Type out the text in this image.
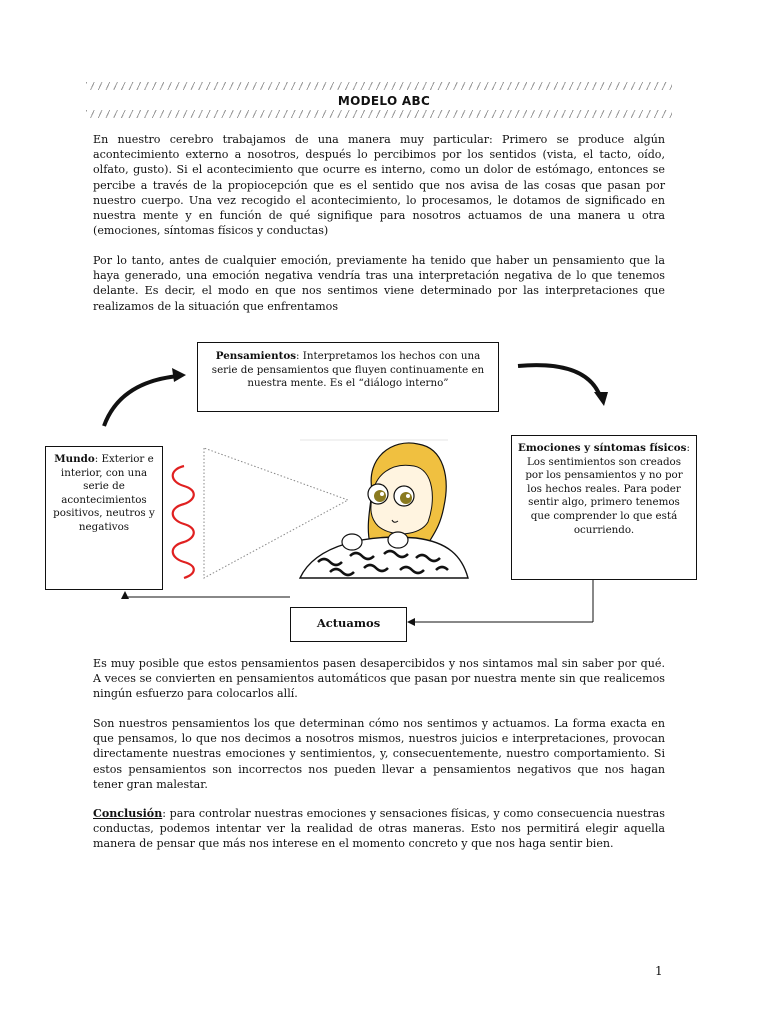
MODELO ABC

En nuestro cerebro trabajamos de una manera muy particular: Primero se produce algún acontecimiento externo a nosotros, después lo percibimos por los sentidos (vista, el tacto, oído, olfato, gusto). Si el acontecimiento que ocurre es interno, como un dolor de estómago, entonces se percibe a través de la propiocepción que es el sentido que nos avisa de las cosas que pasan por nuestro cuerpo. Una vez recogido el acontecimiento, lo procesamos, le dotamos de significado en nuestra mente y en función de qué signifique para nosotros actuamos de una manera u otra (emociones, síntomas físicos y conductas)

Por lo tanto, antes de cualquier emoción, previamente ha tenido que haber un pensamiento que la haya generado, una emoción negativa vendría tras una interpretación negativa de lo que tenemos delante. Es decir, el modo en que nos sentimos viene determinado por las interpretaciones que realizamos de la situación que enfrentamos

Pensamientos: Interpretamos los hechos con una serie de pensamientos que fluyen continuamente en nuestra mente. Es el “diálogo interno”
Mundo: Exterior e interior, con una serie de acontecimientos positivos, neutros y negativos
Emociones y síntomas físicos: Los sentimientos son creados por los pensamientos y no por los hechos reales. Para poder sentir algo, primero tenemos que comprender lo que está ocurriendo.
Actuamos

Es muy posible que estos pensamientos pasen desapercibidos y nos sintamos mal sin saber por qué. A veces se convierten en pensamientos automáticos que pasan por nuestra mente sin que realicemos ningún esfuerzo para colocarlos allí.

Son nuestros pensamientos los que determinan cómo nos sentimos y actuamos. La forma exacta en que pensamos, lo que nos decimos a nosotros mismos, nuestros juicios e interpretaciones, provocan directamente nuestras emociones y sentimientos, y, consecuentemente, nuestro comportamiento. Si estos pensamientos son incorrectos nos pueden llevar a pensamientos negativos que nos hagan tener gran malestar.

Conclusión: para controlar nuestras emociones y sensaciones físicas, y como consecuencia nuestras conductas, podemos intentar ver la realidad de otras maneras. Esto nos permitirá elegir aquella manera de pensar que más nos interese en el momento concreto y que nos haga sentir bien.

1
